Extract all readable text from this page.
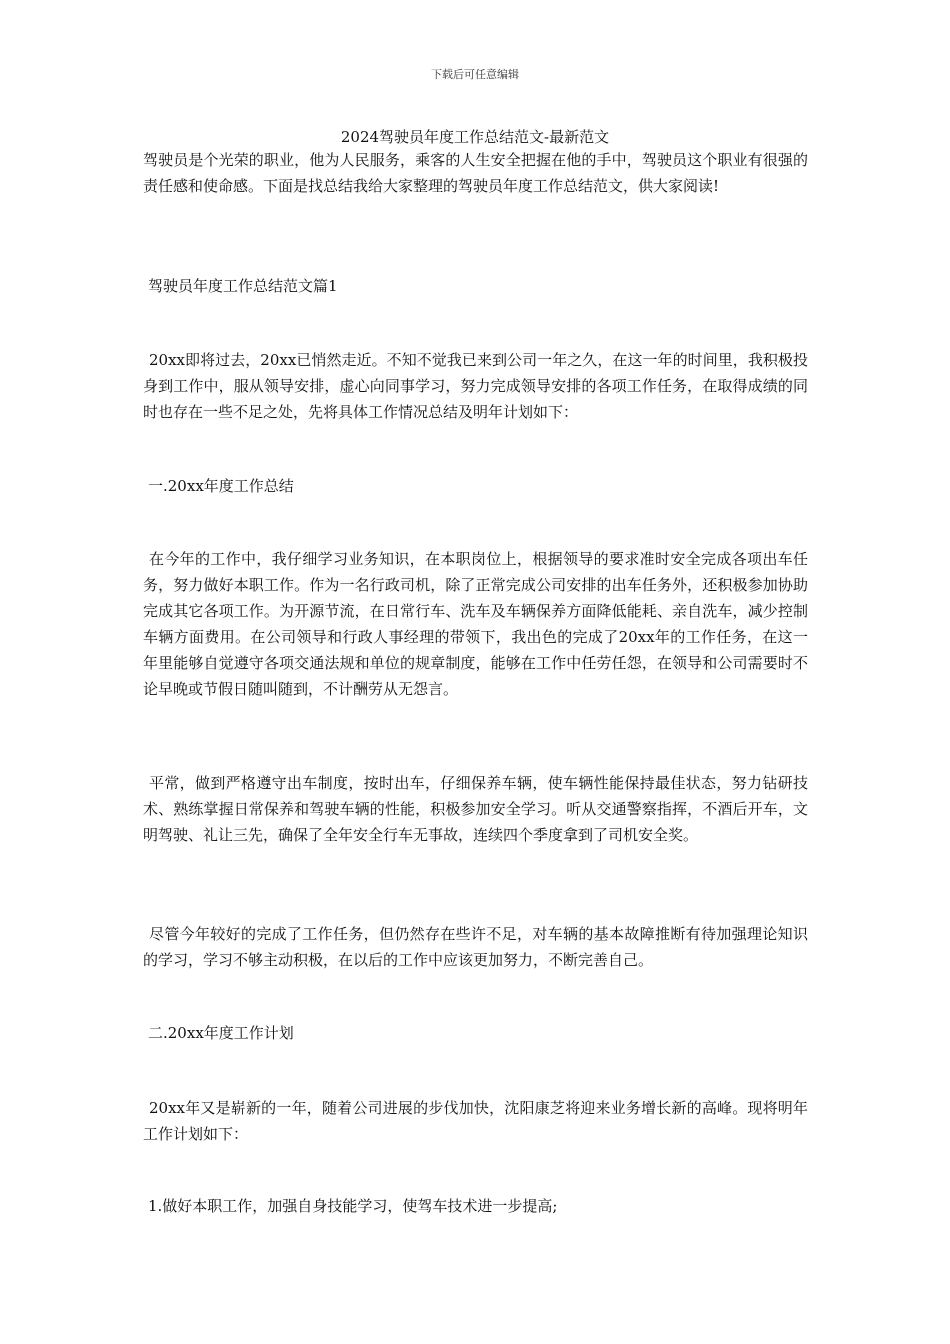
下载后可任意编辑
2024驾驶员年度工作总结范文-最新范文

驾驶员是个光荣的职业，他为人民服务，乘客的人生安全把握在他的手中，驾驶员这个职业有很强的责任感和使命感。下面是找总结我给大家整理的驾驶员年度工作总结范文，供大家阅读!

驾驶员年度工作总结范文篇1

20xx即将过去，20xx已悄然走近。不知不觉我已来到公司一年之久，在这一年的时间里，我积极投身到工作中，服从领导安排，虚心向同事学习，努力完成领导安排的各项工作任务，在取得成绩的同时也存在一些不足之处，先将具体工作情况总结及明年计划如下：

一.20xx年度工作总结

在今年的工作中，我仔细学习业务知识，在本职岗位上，根据领导的要求准时安全完成各项出车任务，努力做好本职工作。作为一名行政司机，除了正常完成公司安排的出车任务外，还积极参加协助完成其它各项工作。为开源节流，在日常行车、洗车及车辆保养方面降低能耗、亲自洗车，减少控制车辆方面费用。在公司领导和行政人事经理的带领下，我出色的完成了20xx年的工作任务，在这一年里能够自觉遵守各项交通法规和单位的规章制度，能够在工作中任劳任怨，在领导和公司需要时不论早晚或节假日随叫随到，不计酬劳从无怨言。

平常，做到严格遵守出车制度，按时出车，仔细保养车辆，使车辆性能保持最佳状态，努力钻研技术、熟练掌握日常保养和驾驶车辆的性能，积极参加安全学习。听从交通警察指挥，不酒后开车，文明驾驶、礼让三先，确保了全年安全行车无事故，连续四个季度拿到了司机安全奖。

尽管今年较好的完成了工作任务，但仍然存在些许不足，对车辆的基本故障推断有待加强理论知识的学习，学习不够主动积极，在以后的工作中应该更加努力，不断完善自己。

二.20xx年度工作计划

20xx年又是崭新的一年，随着公司进展的步伐加快，沈阳康芝将迎来业务增长新的高峰。现将明年工作计划如下：

1.做好本职工作，加强自身技能学习，使驾车技术进一步提高;
